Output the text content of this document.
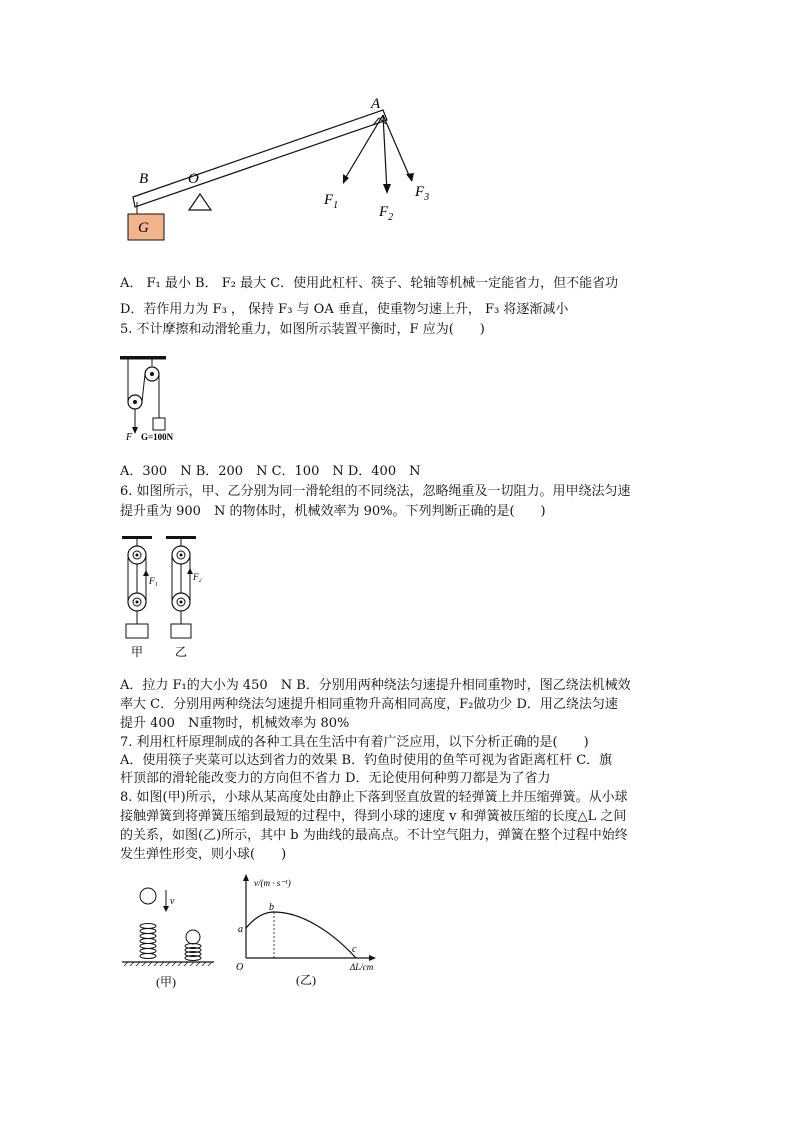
G
A
B	O
$F_1$	$F_2$
$F_3$
A． F₁ 最小 B． F₂ 最大 C．使用此杠杆、筷子、轮轴等机械一定能省力，但不能省功
D．若作用力为 F₃ ， 保持 F₃ 与 OA 垂直，使重物匀速上升， F₃ 将逐渐减小
5. 不计摩擦和动滑轮重力，如图所示装置平衡时，F 应为(　　)
F G=100N
A．300　N B．200　N C．100　N D．400　N
6. 如图所示，甲、乙分别为同一滑轮组的不同绕法，忽略绳重及一切阻力。用甲绕法匀速
提升重为 900　N 的物体时，机械效率为 90%。下列判断正确的是(　　)
F₁
甲
F₂
乙
A．拉力 F₁的大小为 450　N B．分别用两种绕法匀速提升相同重物时，图乙绕法机械效
率大 C．分别用两种绕法匀速提升相同重物升高相同高度，F₂做功少 D．用乙绕法匀速
提升 400　N重物时，机械效率为 80%
7. 利用杠杆原理制成的各种工具在生活中有着广泛应用，以下分析正确的是(　　)
A．使用筷子夹菜可以达到省力的效果 B．钓鱼时使用的鱼竿可视为省距离杠杆 C．旗
杆顶部的滑轮能改变力的方向但不省力 D．无论使用何种剪刀都是为了省力
8. 如图(甲)所示，小球从某高度处由静止下落到竖直放置的轻弹簧上并压缩弹簧。从小球
接触弹簧到将弹簧压缩到最短的过程中，得到小球的速度 v 和弹簧被压缩的长度△L 之间
的关系，如图(乙)所示，其中 b 为曲线的最高点。不计空气阻力，弹簧在整个过程中始终
发生弹性形变，则小球(　　)
v
(甲)
v/(m · s⁻¹)
ΔL/cm
O
a
b
c
(乙)
